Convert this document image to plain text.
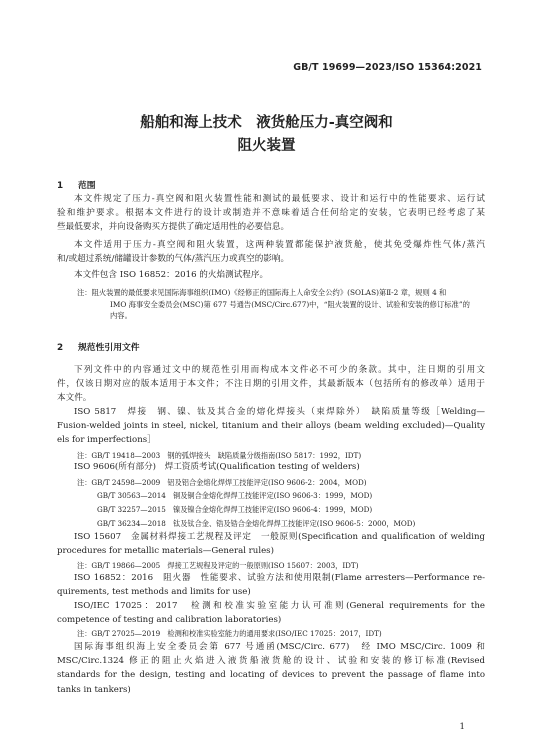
GB/T 19699—2023/ISO 15364:2021
船舶和海上技术　液货舱压力-真空阀和
阻火装置
1 范围
本文件规定了压力-真空阀和阻火装置性能和测试的最低要求、设计和运行中的性能要求、运行试
验和维护要求。根据本文件进行的设计或制造并不意味着适合任何给定的安装，它表明已经考虑了某
些最低要求，并向设备购买方提供了确定适用性的必要信息。
本文件适用于压力-真空阀和阻火装置，这两种装置都能保护液货舱，使其免受爆炸性气体/蒸汽
和/或超过系统/储罐设计参数的气体/蒸汽压力或真空的影响。
本文件包含 ISO 16852：2016 的火焰测试程序。
注：阻火装置的最低要求见国际海事组织(IMO)《经修正的国际海上人命安全公约》(SOLAS)第Ⅱ-2 章，规则 4 和
IMO 海事安全委员会(MSC)第 677 号通告(MSC/Circ.677)中，“阻火装置的设计、试验和安装的修订标准”的
内容。
2 规范性引用文件
下列文件中的内容通过文中的规范性引用而构成本文件必不可少的条款。其中，注日期的引用文
件，仅该日期对应的版本适用于本文件；不注日期的引用文件，其最新版本（包括所有的修改单）适用于
本文件。
ISO 5817　焊接　钢、镍、钛及其合金的熔化焊接头（束焊除外）　缺陷质量等级［Welding—
Fusion-welded joints in steel, nickel, titanium and their alloys (beam welding excluded)—Quality
els for imperfections］
注：GB/T 19418—2003　钢的弧焊接头　缺陷质量分级指南(ISO 5817：1992，IDT)
ISO 9606(所有部分)　焊工资质考试(Qualification testing of welders)
注：GB/T 24598—2009　铝及铝合金熔化焊焊工技能评定(ISO 9606-2：2004，MOD)
GB/T 30563—2014　铜及铜合金熔化焊焊工技能评定(ISO 9606-3：1999，MOD)
GB/T 32257—2015　镍及镍合金熔化焊焊工技能评定(ISO 9606-4：1999，MOD)
GB/T 36234—2018　钛及钛合金、锆及锆合金熔化焊焊工技能评定(ISO 9606-5：2000，MOD)
ISO 15607　金属材料焊接工艺规程及评定　一般原则(Specification and qualification of welding
procedures for metallic materials—General rules)
注：GB/T 19866—2005　焊接工艺规程及评定的一般原则(ISO 15607：2003，IDT)
ISO 16852：2016　阻火器　性能要求、试验方法和使用限制(Flame arresters—Performance re-
quirements, test methods and limits for use)
ISO/IEC 17025：2017　检测和校准实验室能力认可准则(General requirements for the
competence of testing and calibration laboratories)
注：GB/T 27025—2019　检测和校准实验室能力的通用要求(ISO/IEC 17025：2017，IDT)
国际海事组织海上安全委员会第 677 号通函(MSC/Circ. 677)　经 IMO MSC/Circ. 1009 和
MSC/Circ.1324 修正的阻止火焰进入液货船液货舱的设计、试验和安装的修订标准(Revised
standards for the design, testing and locating of devices to prevent the passage of flame into
tanks in tankers)
1
